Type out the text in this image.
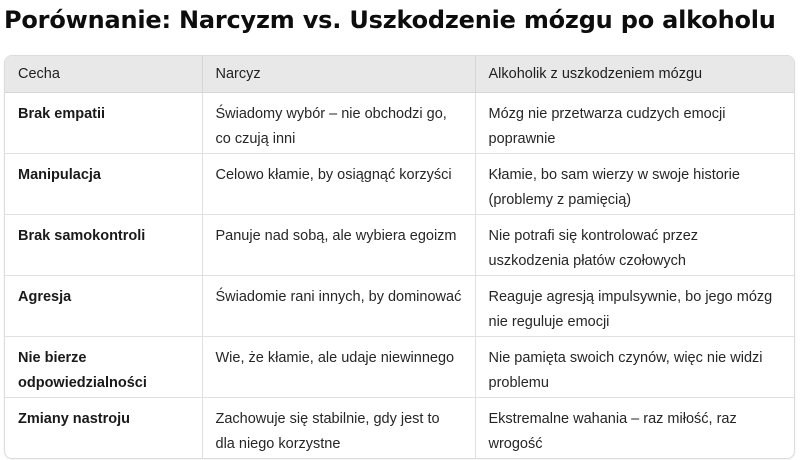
Porównanie: Narcyzm vs. Uszkodzenie mózgu po alkoholu
Cecha	Narcyz	Alkoholik z uszkodzeniem mózgu
Brak empatii	Świadomy wybór – nie obchodzi go, co czują inni	Mózg nie przetwarza cudzych emocji poprawnie
Manipulacja	Celowo kłamie, by osiągnąć korzyści	Kłamie, bo sam wierzy w swoje historie (problemy z pamięcią)
Brak samokontroli	Panuje nad sobą, ale wybiera egoizm	Nie potrafi się kontrolować przez uszkodzenia płatów czołowych
Agresja	Świadomie rani innych, by dominować	Reaguje agresją impulsywnie, bo jego mózg nie reguluje emocji
Nie bierze odpowiedzialności	Wie, że kłamie, ale udaje niewinnego	Nie pamięta swoich czynów, więc nie widzi problemu
Zmiany nastroju	Zachowuje się stabilnie, gdy jest to dla niego korzystne	Ekstremalne wahania – raz miłość, raz wrogość
